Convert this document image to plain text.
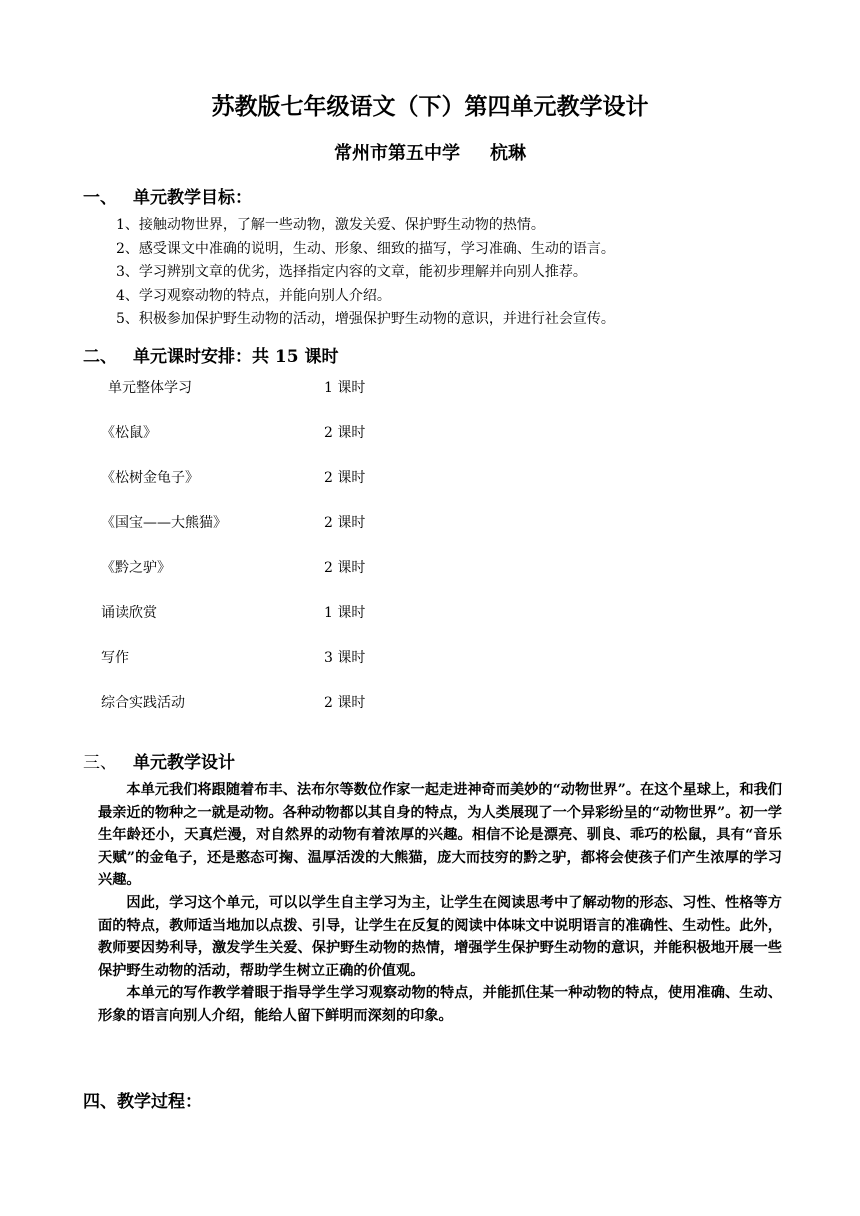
苏教版七年级语文（下）第四单元教学设计
常州市第五中学 杭琳
一、 单元教学目标：
1、接触动物世界，了解一些动物，激发关爱、保护野生动物的热情。
2、感受课文中准确的说明，生动、形象、细致的描写，学习准确、生动的语言。
3、学习辨别文章的优劣，选择指定内容的文章，能初步理解并向别人推荐。
4、学习观察动物的特点，并能向别人介绍。
5、积极参加保护野生动物的活动，增强保护野生动物的意识，并进行社会宣传。
二、 单元课时安排：共 15 课时
单元整体学习	1 课时
《松鼠》	2 课时
《松树金龟子》	2 课时
《国宝——大熊猫》	2 课时
《黔之驴》	2 课时
诵读欣赏	1 课时
写作	3 课时
综合实践活动	2 课时
三、 单元教学设计

本单元我们将跟随着布丰、法布尔等数位作家一起走进神奇而美妙的“动物世界”。在这个星球上，和我们最亲近的物种之一就是动物。各种动物都以其自身的特点，为人类展现了一个异彩纷呈的“动物世界”。初一学生年龄还小，天真烂漫，对自然界的动物有着浓厚的兴趣。相信不论是漂亮、驯良、乖巧的松鼠，具有“音乐天赋”的金龟子，还是憨态可掬、温厚活泼的大熊猫，庞大而技穷的黔之驴，都将会使孩子们产生浓厚的学习兴趣。

因此，学习这个单元，可以以学生自主学习为主，让学生在阅读思考中了解动物的形态、习性、性格等方面的特点，教师适当地加以点拨、引导，让学生在反复的阅读中体味文中说明语言的准确性、生动性。此外，教师要因势利导，激发学生关爱、保护野生动物的热情，增强学生保护野生动物的意识，并能积极地开展一些保护野生动物的活动，帮助学生树立正确的价值观。

本单元的写作教学着眼于指导学生学习观察动物的特点，并能抓住某一种动物的特点，使用准确、生动、形象的语言向别人介绍，能给人留下鲜明而深刻的印象。

四、教学过程：
